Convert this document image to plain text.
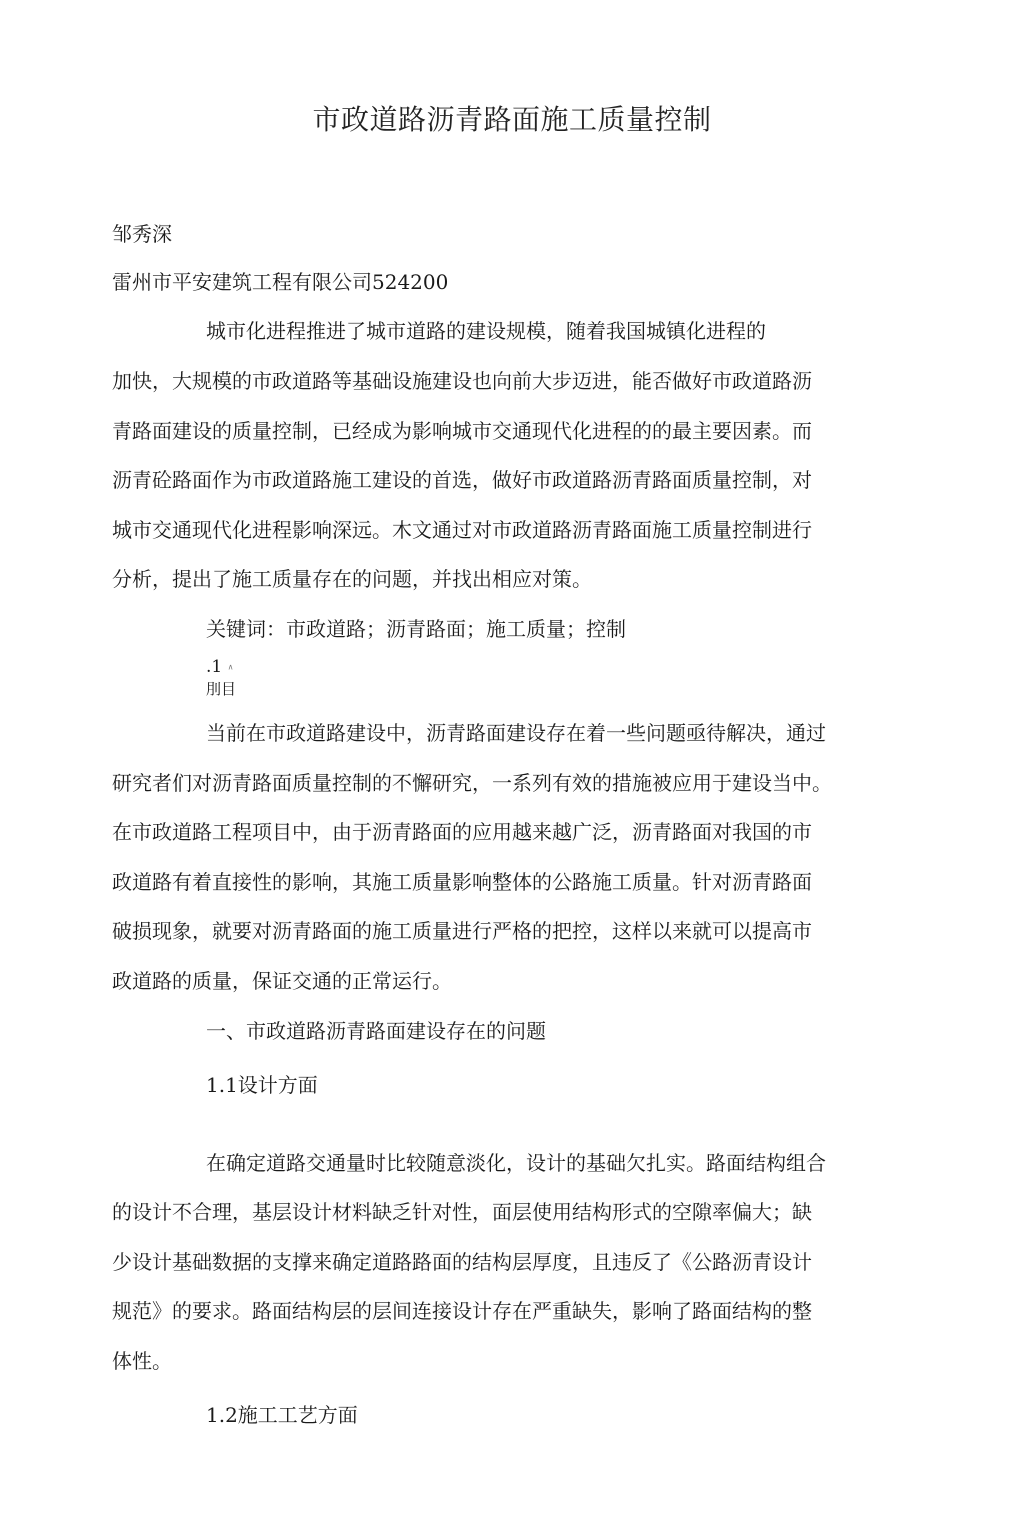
市政道路沥青路面施工质量控制
邹秀深
雷州市平安建筑工程有限公司524200
城市化进程推进了城市道路的建设规模，随着我国城镇化进程的
加快，大规模的市政道路等基础设施建设也向前大步迈进，能否做好市政道路沥
青路面建设的质量控制，已经成为影响城市交通现代化进程的的最主要因素。而
沥青砼路面作为市政道路施工建设的首选，做好市政道路沥青路面质量控制，对
城市交通现代化进程影响深远。木文通过对市政道路沥青路面施工质量控制进行
分析，提出了施工质量存在的问题，并找出相应对策。
关键词：市政道路；沥青路面；施工质量；控制
.1 ∧
刖目
当前在市政道路建设中，沥青路面建设存在着一些问题亟待解决，通过
研究者们对沥青路面质量控制的不懈研究，一系列有效的措施被应用于建设当中。
在市政道路工程项目中，由于沥青路面的应用越来越广泛，沥青路面对我国的市
政道路有着直接性的影响，其施工质量影响整体的公路施工质量。针对沥青路面
破损现象，就要对沥青路面的施工质量进行严格的把控，这样以来就可以提高市
政道路的质量，保证交通的正常运行。
一、市政道路沥青路面建设存在的问题
1.1设计方面
在确定道路交通量时比较随意淡化，设计的基础欠扎实。路面结构组合
的设计不合理，基层设计材料缺乏针对性，面层使用结构形式的空隙率偏大；缺
少设计基础数据的支撑来确定道路路面的结构层厚度，且违反了《公路沥青设计
规范》的要求。路面结构层的层间连接设计存在严重缺失，影响了路面结构的整
体性。
1.2施工工艺方面
